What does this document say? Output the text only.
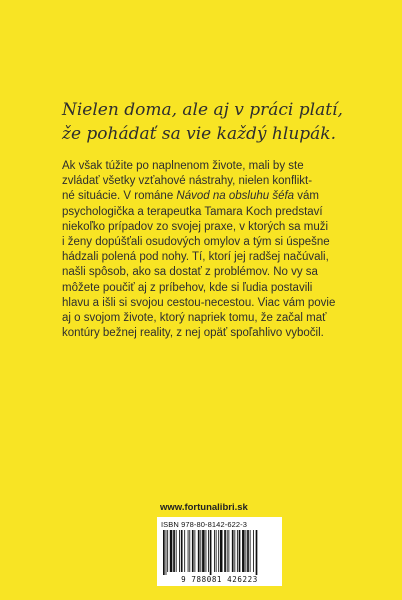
Nielen doma, ale aj v práci platí,
že pohádať sa vie každý hlupák.
Ak však túžite po naplnenom živote, mali by ste
zvládať všetky vzťahové nástrahy, nielen konflikt-
né situácie. V románe Návod na obsluhu šéfa vám
psychologička a terapeutka Tamara Koch predstaví
niekoľko prípadov zo svojej praxe, v ktorých sa muži
i ženy dopúšťali osudových omylov a tým si úspešne
hádzali polená pod nohy. Tí, ktorí jej radšej načúvali,
našli spôsob, ako sa dostať z problémov. No vy sa
môžete poučiť aj z príbehov, kde si ľudia postavili
hlavu a išli si svojou cestou-necestou. Viac vám povie
aj o svojom živote, ktorý napriek tomu, že začal mať
kontúry bežnej reality, z nej opäť spoľahlivo vybočil.
www.fortunalibri.sk
ISBN 978-80-8142-622-3
9 788081 426223
